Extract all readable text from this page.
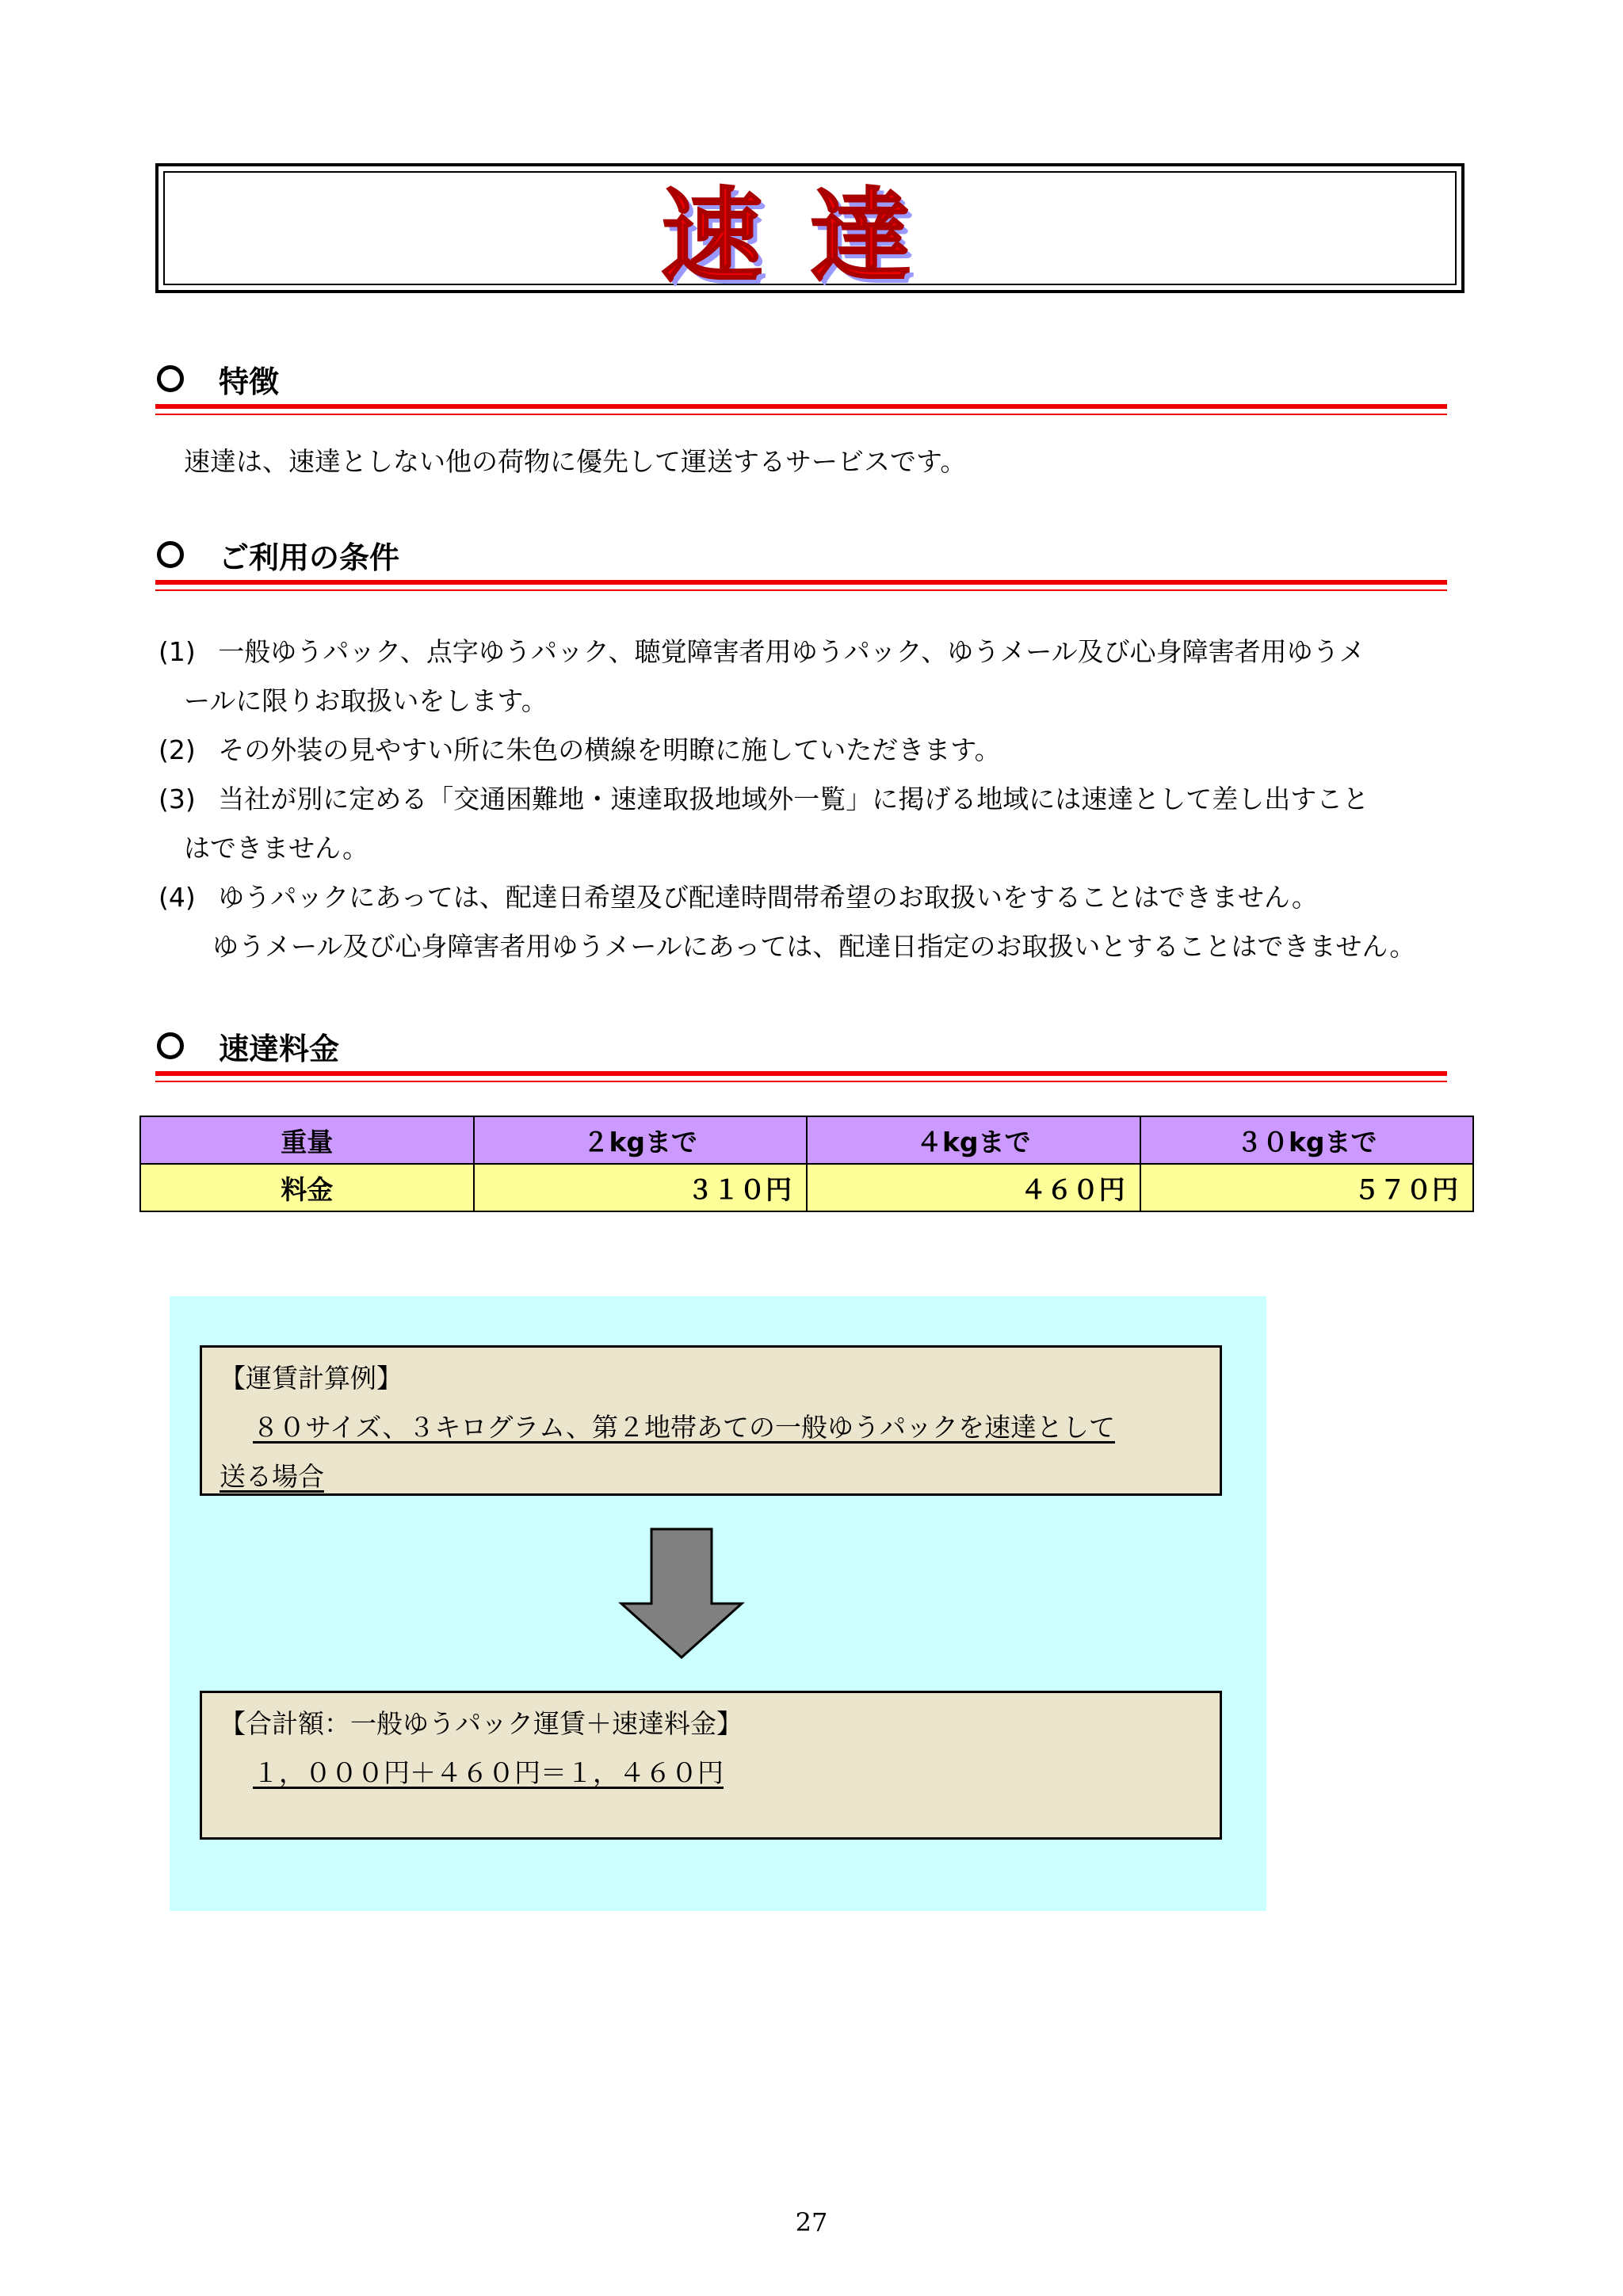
速達
特徴
速達は、速達としない他の荷物に優先して運送するサービスです。
ご利用の条件
(1) 一般ゆうパック、点字ゆうパック、聴覚障害者用ゆうパック、ゆうメール及び心身障害者用ゆうメ
ールに限りお取扱いをします。
(2) その外装の見やすい所に朱色の横線を明瞭に施していただきます。
(3) 当社が別に定める「交通困難地・速達取扱地域外一覧」に掲げる地域には速達として差し出すこと
はできません。
(4) ゆうパックにあっては、配達日希望及び配達時間帯希望のお取扱いをすることはできません。
ゆうメール及び心身障害者用ゆうメールにあっては、配達日指定のお取扱いとすることはできません。
速達料金
重量	２kgまで	４kgまで	３０kgまで
料金	３１０円	４６０円	５７０円
【運賃計算例】
８０サイズ、３キログラム、第２地帯あての一般ゆうパックを速達として
送る場合
【合計額：一般ゆうパック運賃＋速達料金】
１，０００円＋４６０円＝１，４６０円
27
